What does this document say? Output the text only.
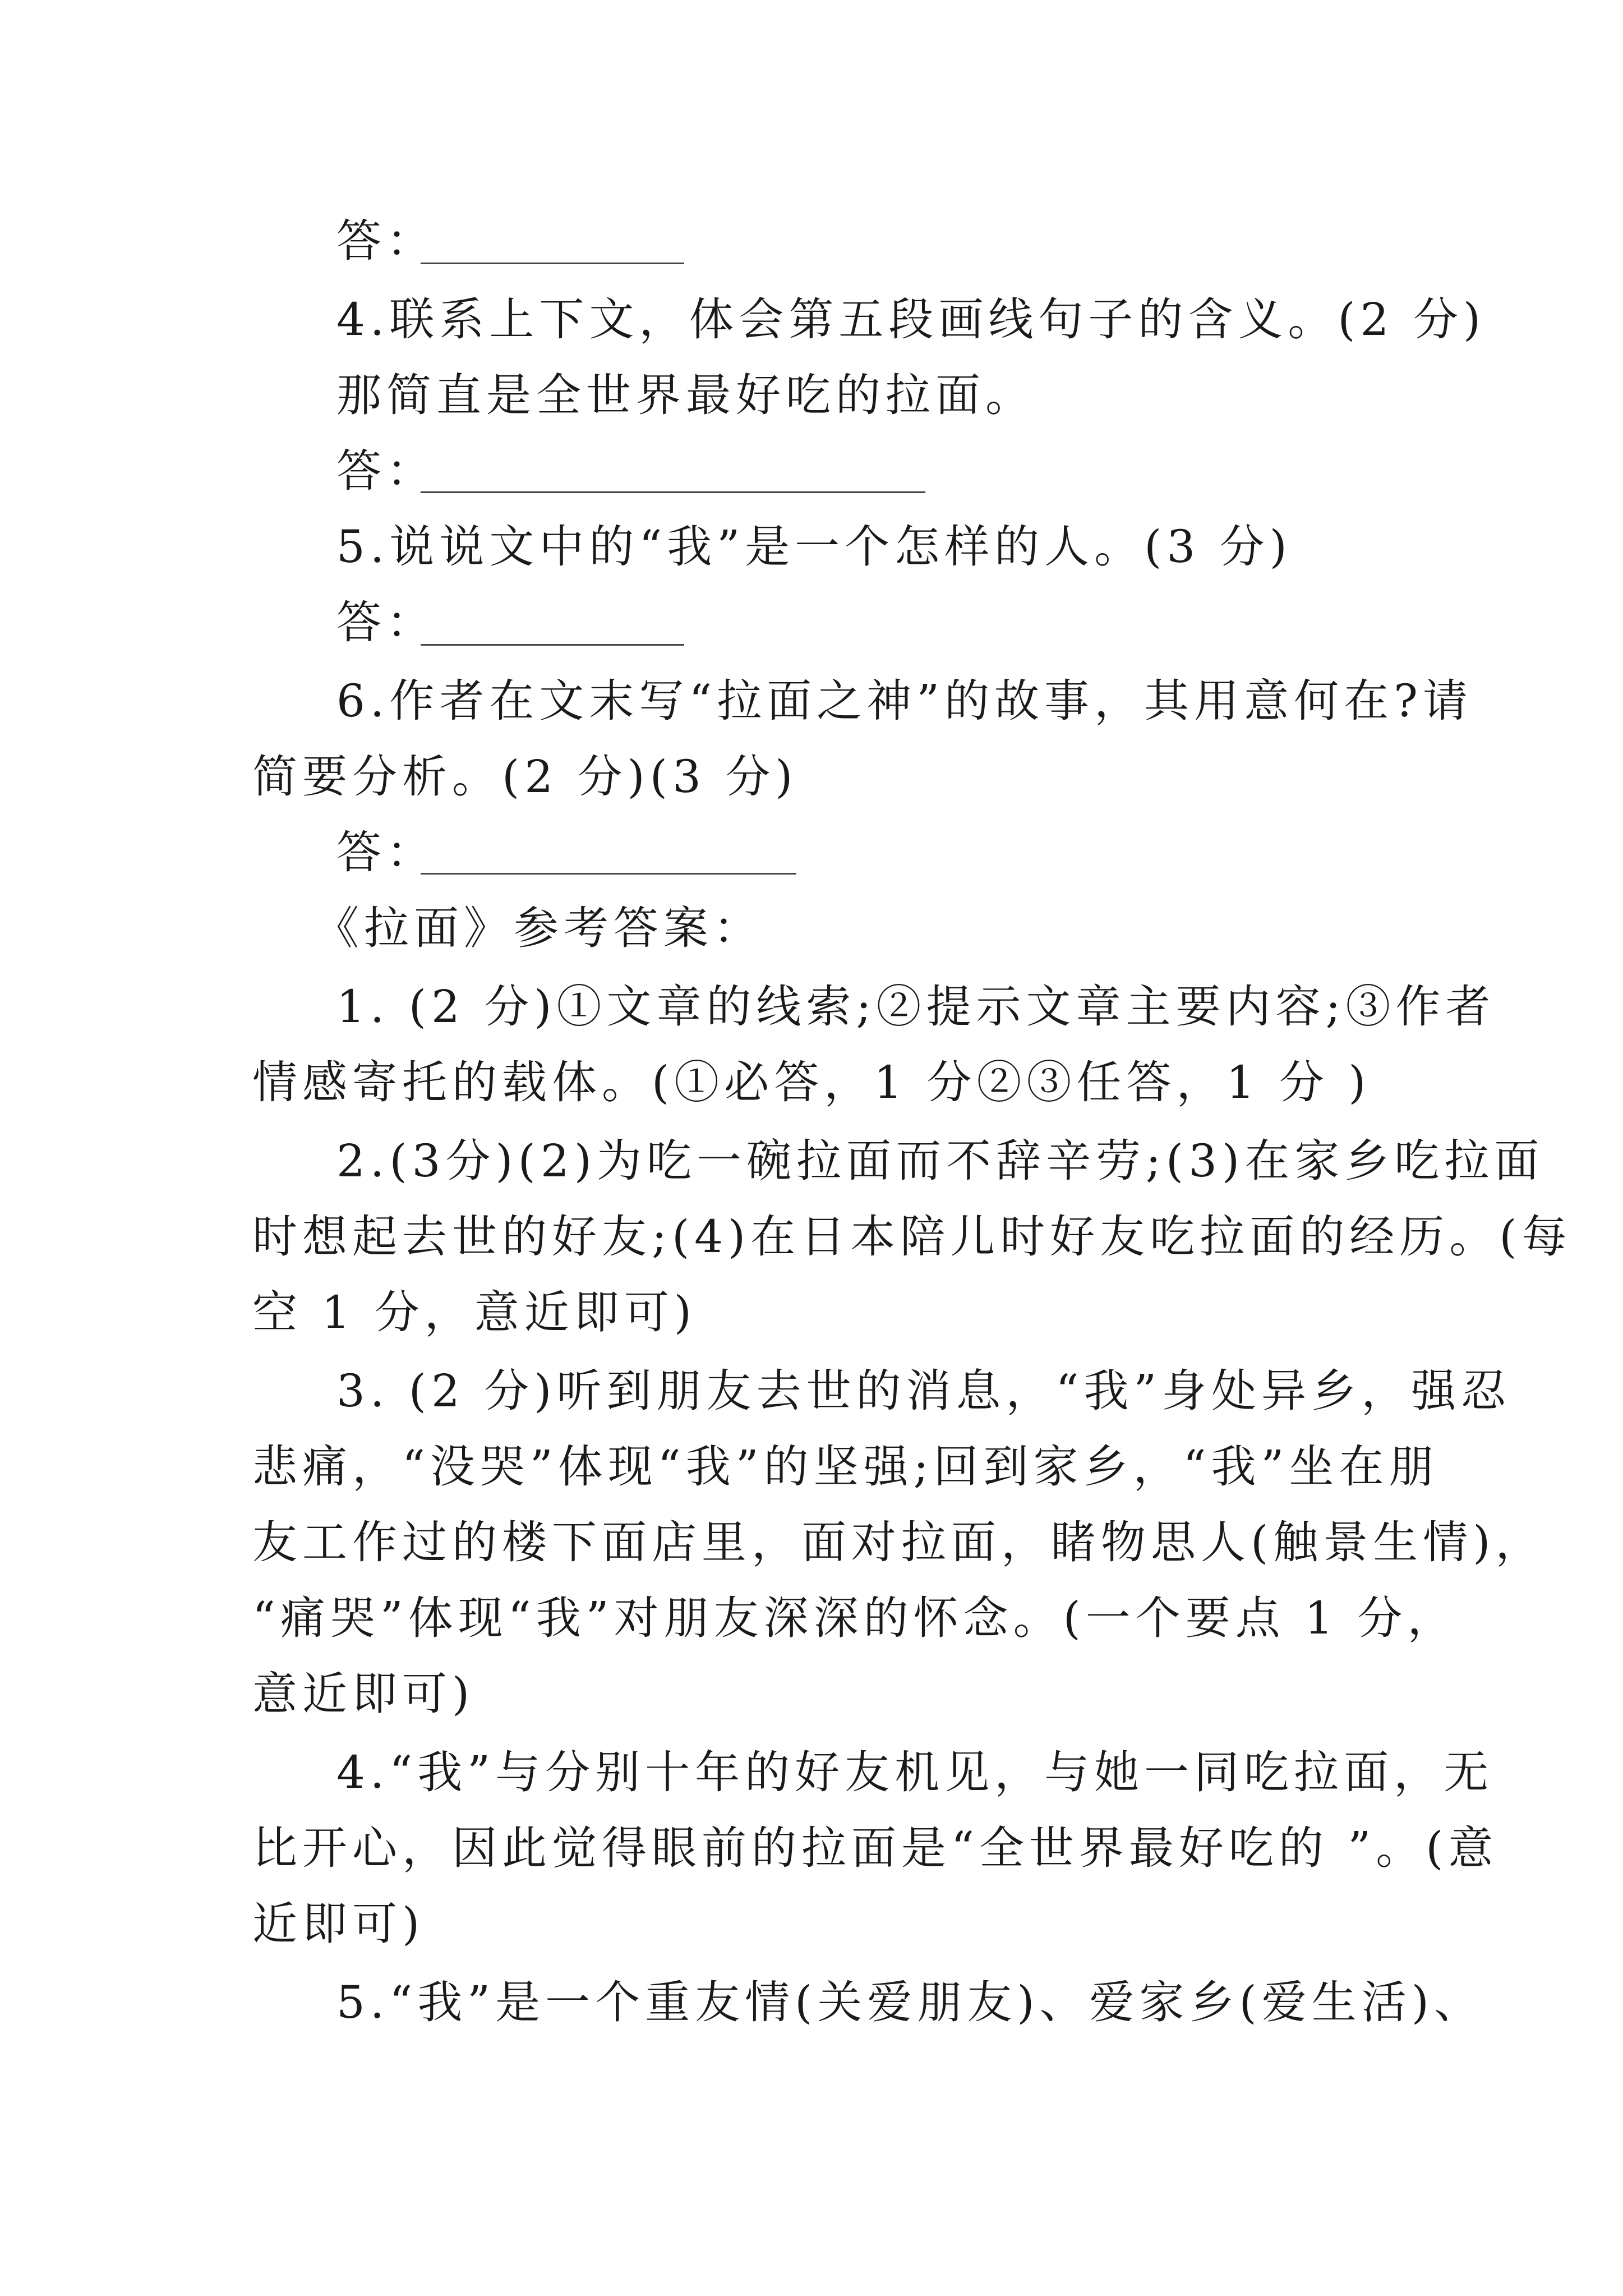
答：
4.联系上下文，体会第五段画线句子的含义。(2 分)
那简直是全世界最好吃的拉面。
答：
5.说说文中的“我”是一个怎样的人。(3 分)
答：
6.作者在文末写“拉面之神”的故事，其用意何在?请
简要分析。(2 分)(3 分)
答：
《拉面》参考答案：
1. (2 分)①文章的线索;②提示文章主要内容;③作者
情感寄托的载体。(①必答，1 分②③任答，1 分 )
2.(3分)(2)为吃一碗拉面而不辞辛劳;(3)在家乡吃拉面
时想起去世的好友;(4)在日本陪儿时好友吃拉面的经历。(每
空 1 分，意近即可)
3. (2 分)听到朋友去世的消息，“我”身处异乡，强忍
悲痛，“没哭”体现“我”的坚强;回到家乡，“我”坐在朋
友工作过的楼下面店里，面对拉面，睹物思人(触景生情)，
“痛哭”体现“我”对朋友深深的怀念。(一个要点 1 分，
意近即可)
4.“我”与分别十年的好友机见，与她一同吃拉面，无
比开心，因此觉得眼前的拉面是“全世界最好吃的 ”。(意
近即可)
5.“我”是一个重友情(关爱朋友)、爱家乡(爱生活)、
